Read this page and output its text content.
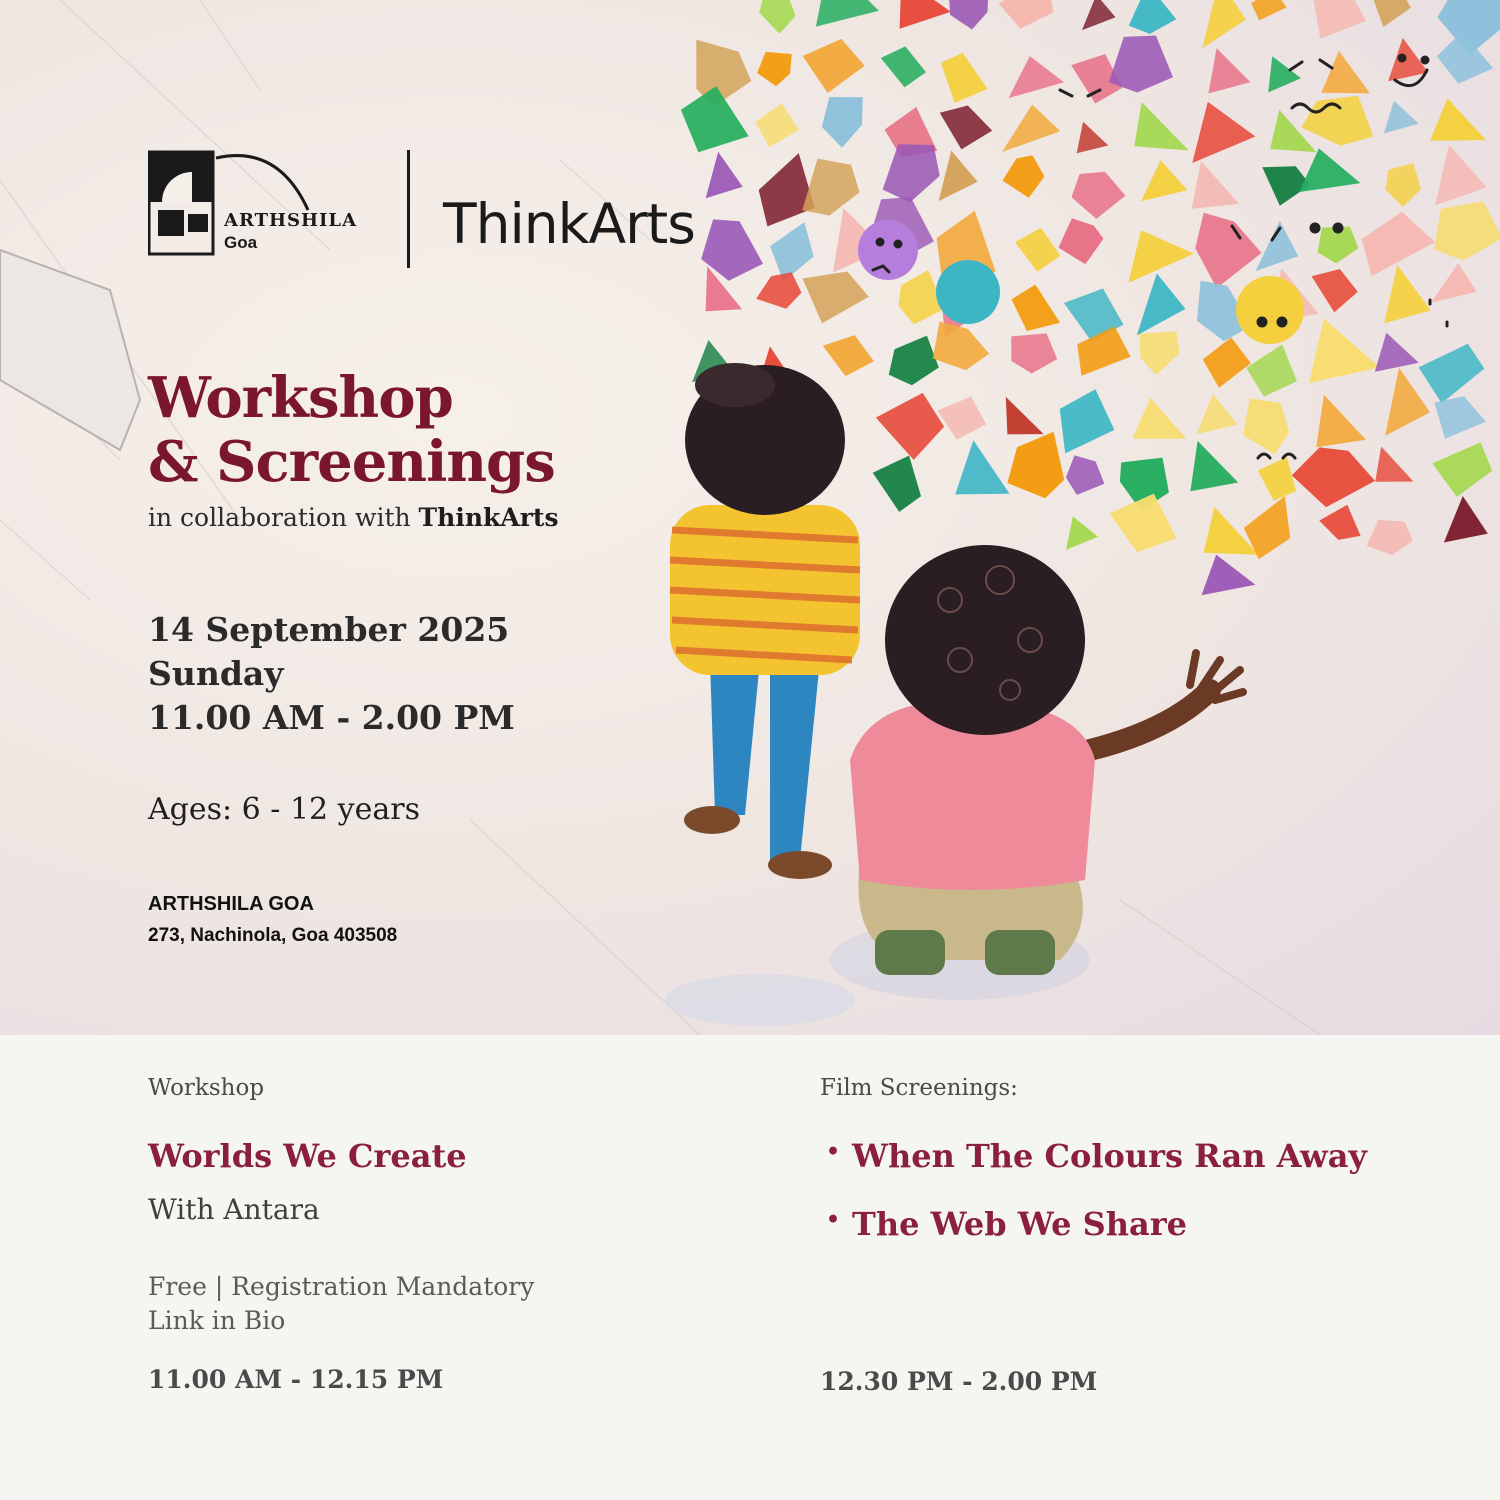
ARTHSHILA
Goa	ThinkArts
Workshop
& Screenings
in collaboration with ThinkArts
14 September 2025
Sunday
11.00 AM - 2.00 PM
Ages: 6 - 12 years
ARTHSHILA GOA
273, Nachinola, Goa 403508
Workshop
Worlds We Create
With Antara
Free | Registration Mandatory
Link in Bio
11.00 AM - 12.15 PM
Film Screenings:
• When The Colours Ran Away
• The Web We Share
12.30 PM - 2.00 PM
